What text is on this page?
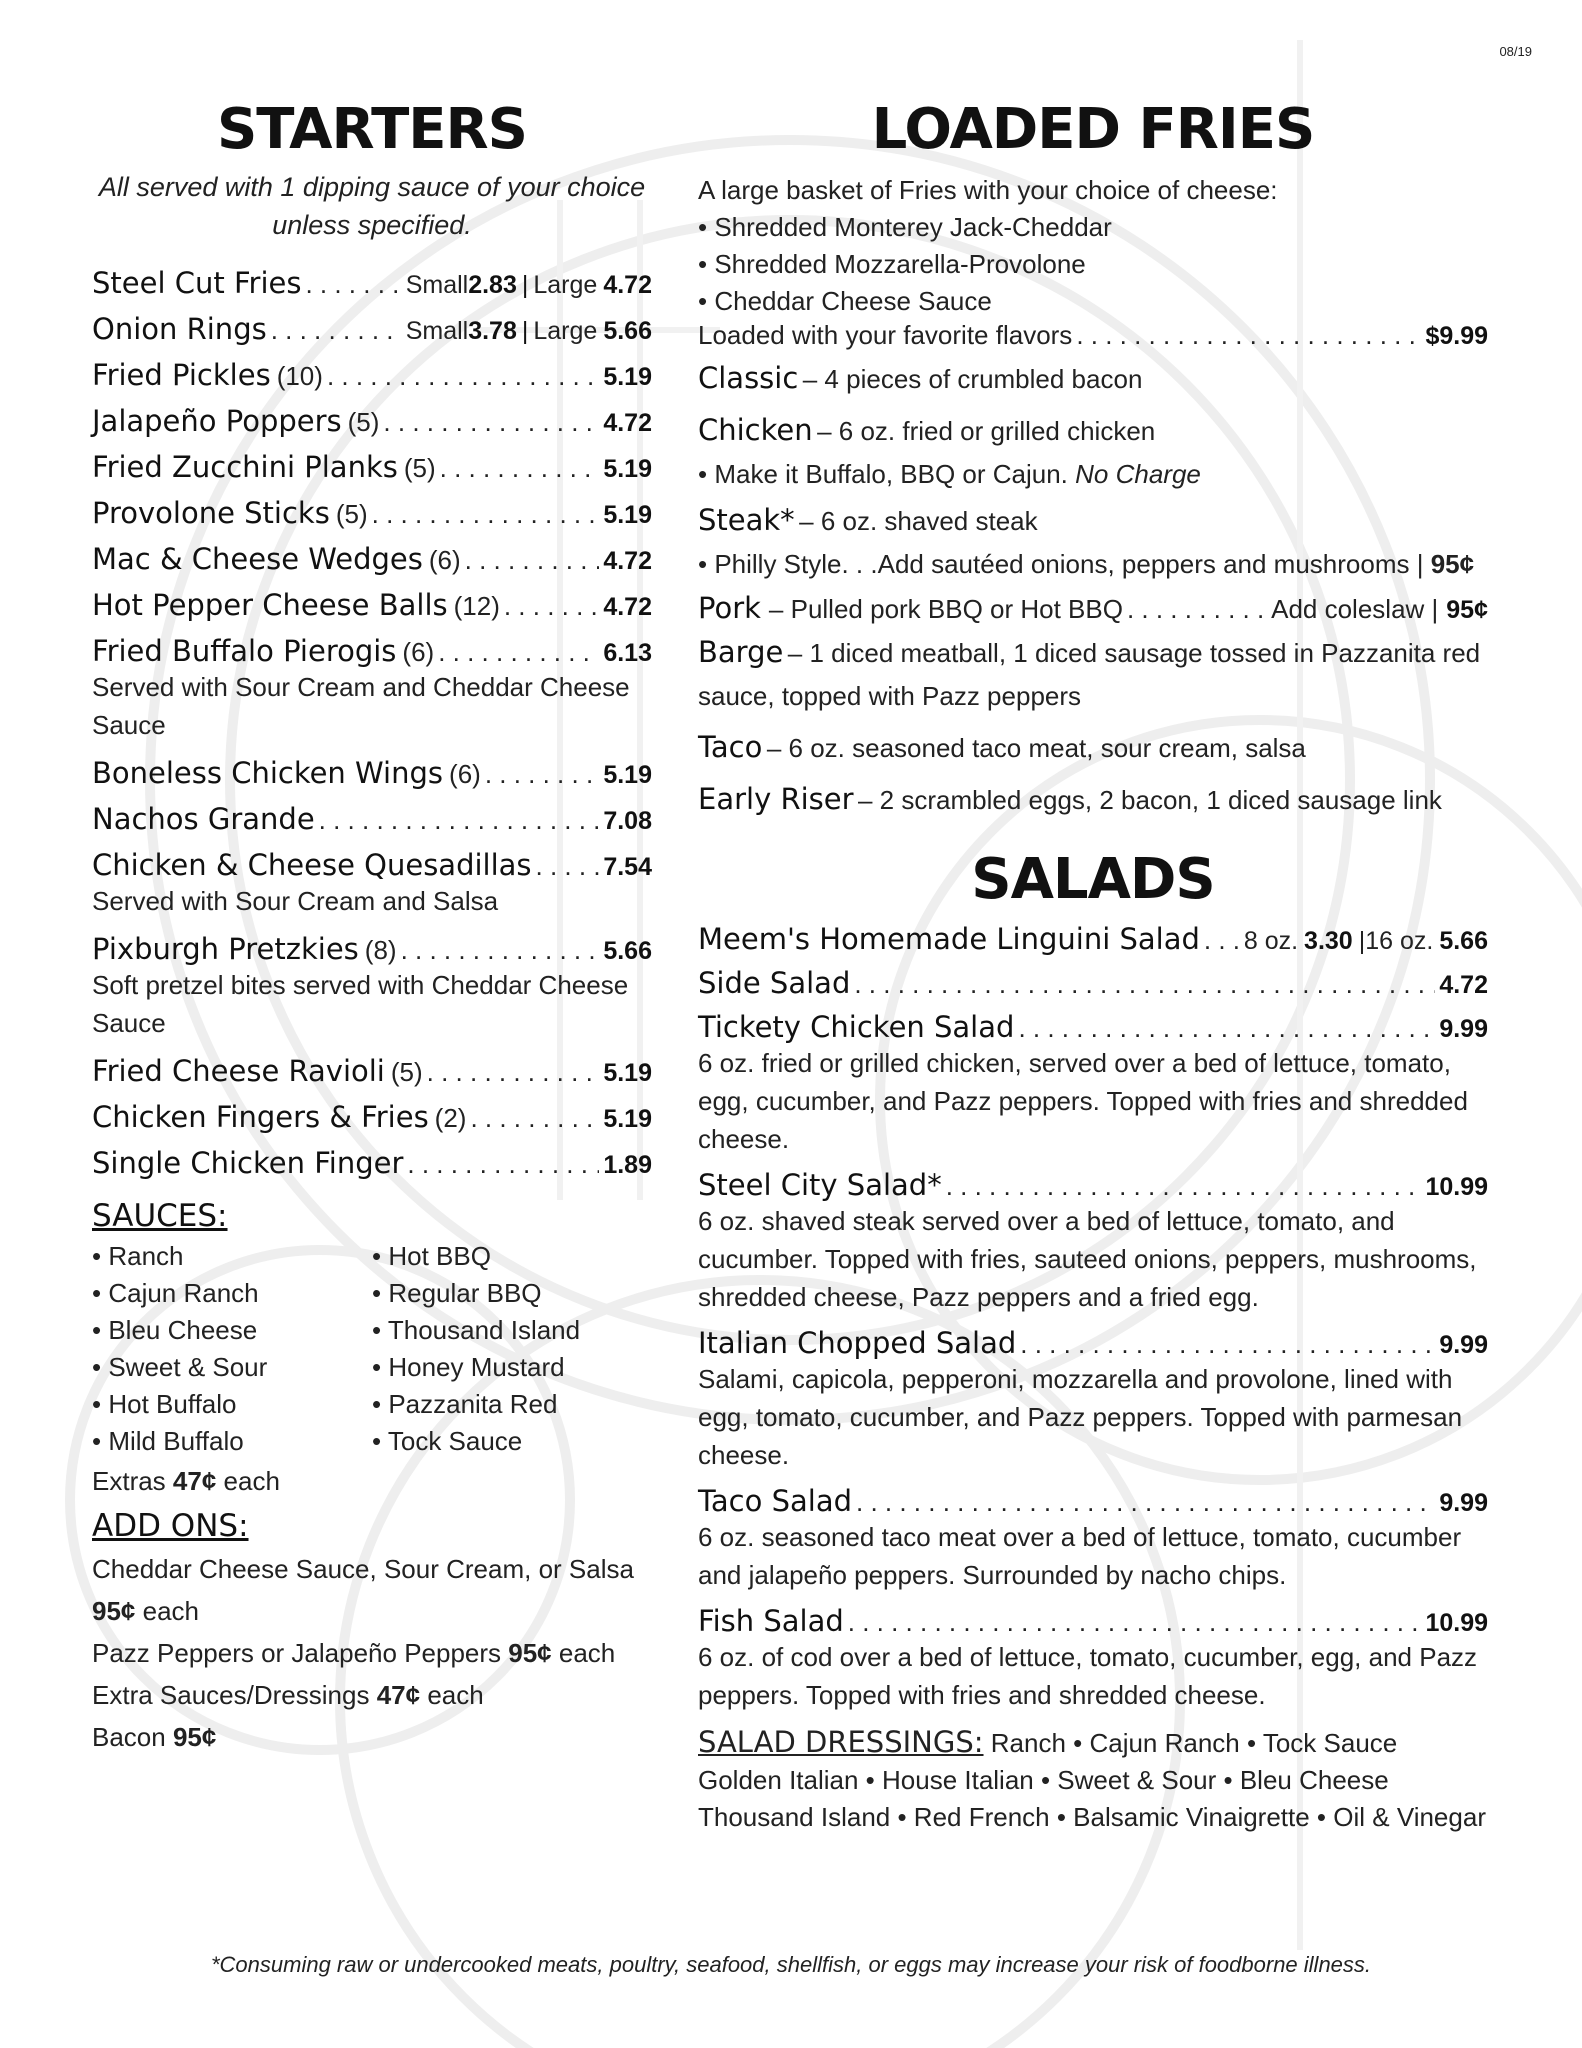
08/19
STARTERS
All served with 1 dipping sauce of your choice unless specified.
Steel Cut Fries . . .	Small 2.83 | Large 4.72
Onion Rings . . .	Small 3.78 | Large 5.66
Fried Pickles (10) . . .	5.19
Jalapeño Poppers (5) . . .	4.72
Fried Zucchini Planks (5) . . .	5.19
Provolone Sticks (5) . . .	5.19
Mac & Cheese Wedges (6) . . .	4.72
Hot Pepper Cheese Balls (12) . . .	4.72
Fried Buffalo Pierogis (6) . . .	6.13
Served with Sour Cream and Cheddar Cheese Sauce
Boneless Chicken Wings (6) . . .	5.19
Nachos Grande . . .	7.08
Chicken & Cheese Quesadillas . . .	7.54
Served with Sour Cream and Salsa
Pixburgh Pretzkies (8) . . .	5.66
Soft pretzel bites served with Cheddar Cheese Sauce
Fried Cheese Ravioli (5) . . .	5.19
Chicken Fingers & Fries (2) . . .	5.19
Single Chicken Finger . . .	1.89
SAUCES:
• Ranch
• Cajun Ranch
• Bleu Cheese
• Sweet & Sour
• Hot Buffalo
• Mild Buffalo
• Hot BBQ
• Regular BBQ
• Thousand Island
• Honey Mustard
• Pazzanita Red
• Tock Sauce
Extras 47¢ each
ADD ONS:
Cheddar Cheese Sauce, Sour Cream, or Salsa
95¢ each
Pazz Peppers or Jalapeño Peppers 95¢ each
Extra Sauces/Dressings 47¢ each
Bacon 95¢
LOADED FRIES
A large basket of Fries with your choice of cheese:
• Shredded Monterey Jack-Cheddar
• Shredded Mozzarella-Provolone
• Cheddar Cheese Sauce
Loaded with your favorite flavors . . .	$9.99
Classic – 4 pieces of crumbled bacon
Chicken – 6 oz. fried or grilled chicken
• Make it Buffalo, BBQ or Cajun. No Charge
Steak* – 6 oz. shaved steak
• Philly Style. . .Add sautéed onions, peppers and mushrooms | 95¢
Pork – Pulled pork BBQ or Hot BBQ . . .	Add coleslaw | 95¢
Barge – 1 diced meatball, 1 diced sausage tossed in Pazzanita red sauce, topped with Pazz peppers
Taco – 6 oz. seasoned taco meat, sour cream, salsa
Early Riser – 2 scrambled eggs, 2 bacon, 1 diced sausage link
SALADS
Meem's Homemade Linguini Salad . . . 8 oz. 3.30 |16 oz. 5.66
Side Salad . . .	4.72
Tickety Chicken Salad . . .	9.99
6 oz. fried or grilled chicken, served over a bed of lettuce, tomato, egg, cucumber, and Pazz peppers. Topped with fries and shredded cheese.
Steel City Salad* . . .	10.99
6 oz. shaved steak served over a bed of lettuce, tomato, and cucumber. Topped with fries, sauteed onions, peppers, mushrooms, shredded cheese, Pazz peppers and a fried egg.
Italian Chopped Salad . . .	9.99
Salami, capicola, pepperoni, mozzarella and provolone, lined with egg, tomato, cucumber, and Pazz peppers. Topped with parmesan cheese.
Taco Salad . . .	9.99
6 oz. seasoned taco meat over a bed of lettuce, tomato, cucumber and jalapeño peppers. Surrounded by nacho chips.
Fish Salad . . .	10.99
6 oz. of cod over a bed of lettuce, tomato, cucumber, egg, and Pazz peppers. Topped with fries and shredded cheese.
SALAD DRESSINGS: Ranch • Cajun Ranch • Tock Sauce
Golden Italian • House Italian • Sweet & Sour • Bleu Cheese
Thousand Island • Red French • Balsamic Vinaigrette • Oil & Vinegar
*Consuming raw or undercooked meats, poultry, seafood, shellfish, or eggs may increase your risk of foodborne illness.
